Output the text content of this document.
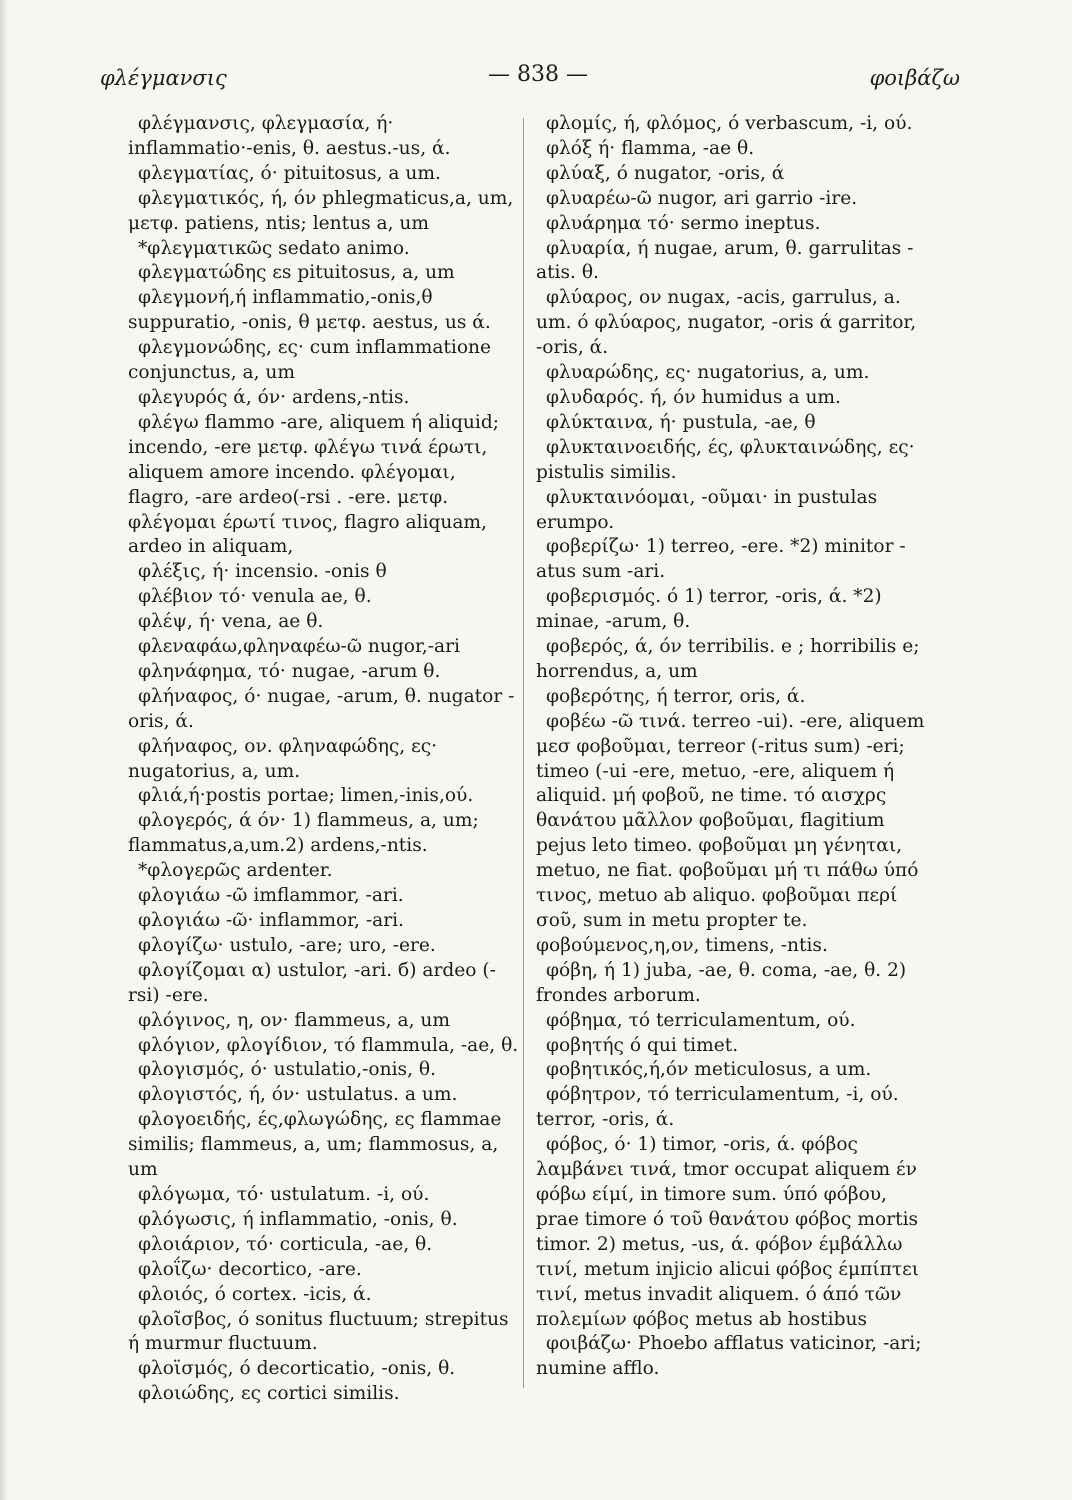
φλέγμανσις	— 838 —	φοιβάζω
φλέγμανσις, φλεγμασία, ή· inflammatio·-enis, θ. aestus.-us, ά.
φλεγματίας, ό· pituitosus, a um.
φλεγματικός, ή, όν phlegmaticus,a, um, μετφ. patiens, ntis; lentus a, um
*φλεγματικῶς sedato animo.
φλεγματώδης εs pituitosus, a, um
φλεγμονή,ή inflammatio,-onis,θ suppuratio, -onis, θ μετφ. aestus, us ά.
φλεγμονώδης, ες· cum inflammatione conjunctus, a, um
φλεγυρός ά, όν· ardens,-ntis.
φλέγω flammo -are, aliquem ή aliquid; incendo, -ere μετφ. φλέγω τινά έρωτι, aliquem amore incendo. φλέγομαι, flagro, -are ardeo(-rsi . -ere. μετφ. φλέγομαι έρωτί τινος, flagro aliquam, ardeo in aliquam,
φλέξις, ή· incensio. -onis θ
φλέβιον τό· venula ae, θ.
φλέψ, ή· vena, ae θ.
φλεναφάω,φληναφέω-ῶ nugor,-ari
φληνάφημα, τό· nugae, -arum θ.
φλήναφος, ό· nugae, -arum, θ. nugator -oris, ά.
φλήναφος, ον. φληναφώδης, ες· nugatorius, a, um.
φλιά,ή·postis portae; limen,-inis,ού.
φλογερός, ά όν· 1) flammeus, a, um; flammatus,a,um.2) ardens,-ntis.
*φλογερῶς ardenter.
φλογιάω -ῶ imflammor, -ari.
φλογιάω -ῶ· inflammor, -ari.
φλογίζω· ustulo, -are; uro, -ere.
φλογίζομαι α) ustulor, -ari. б) ardeo (-rsi) -ere.
φλόγινος, η, ον· flammeus, a, um
φλόγιον, φλογίδιον, τό flammula, -ae, θ.
φλογισμός, ό· ustulatio,-onis, θ.
φλογιστός, ή, όν· ustulatus. a um.
φλογοειδής, ές,φλωγώδης, ες flammae similis; flammeus, a, um; flammosus, a, um
φλόγωμα, τό· ustulatum. -i, ού.
φλόγωσις, ή inflammatio, -onis, θ.
φλοιάριον, τό· corticula, -ae, θ.
φλοΐζω· decortico, -are.
φλοιός, ό cortex. -icis, ά.
φλοῖσβος, ό sonitus fluctuum; strepitus ή murmur fluctuum.
φλοϊσμός, ό decorticatio, -onis, θ.
φλοιώδης, ες cortici similis.
φλομίς, ή, φλόμος, ό verbascum, -i, ού.
φλόξ ή· flamma, -ae θ.
φλύαξ, ό nugator, -oris, ά
φλυαρέω-ῶ nugor, ari garrio -ire.
φλυάρημα τό· sermo ineptus.
φλυαρία, ή nugae, arum, θ. garrulitas -atis. θ.
φλύαρος, ον nugax, -acis, garrulus, a. um. ό φλύαρος, nugator, -oris ά garritor, -oris, ά.
φλυαρώδης, ες· nugatorius, a, um.
φλυδαρός. ή, όν humidus a um.
φλύκταινα, ή· pustula, -ae, θ
φλυκταινοειδής, ές, φλυκταινώδης, ες· pistulis similis.
φλυκταινόομαι, -οῦμαι· in pustulas erumpo.
φοβερίζω· 1) terreo, -ere. *2) minitor -atus sum -ari.
φοβερισμός. ό 1) terror, -oris, ά. *2) minae, -arum, θ.
φοβερός, ά, όν terribilis. e ; horribilis e; horrendus, a, um
φοβερότης, ή terror, oris, ά.
φοβέω -ῶ τινά. terreo -ui). -ere, aliquem μεσ φοβοῦμαι, terreor (-ritus sum) -eri; timeo (-ui -ere, metuo, -ere, aliquem ή aliquid. μή φοβοῦ, ne time. τό αισχρς θανάτου μᾶλλον φοβοῦμαι, flagitium pejus leto timeo. φοβοῦμαι μη γένηται, metuo, ne fiat. φοβοῦμαι μή τι πάθω ύπό τινος, metuo ab aliquo. φοβοῦμαι περί σοῦ, sum in metu propter te. φοβούμενος,η,ον, timens, -ntis.
φόβη, ή 1) juba, -ae, θ. coma, -ae, θ. 2) frondes arborum.
φόβημα, τό terriculamentum, ού.
φοβητής ό qui timet.
φοβητικός,ή,όν meticulosus, a um.
φόβητρον, τό terriculamentum, -i, ού. terror, -oris, ά.
φόβος, ό· 1) timor, -oris, ά. φόβος λαμβάνει τινά, tmor occupat aliquem έν φόβω είμί, in timore sum. ύπό φόβου, prae timore ό τοῦ θανάτου φόβος mortis timor. 2) metus, -us, ά. φόβον έμβάλλω τινί, metum injicio alicui φόβος έμπίπτει τινί, metus invadit aliquem. ό άπό τῶν πολεμίων φόβος metus ab hostibus
φοιβάζω· Phoebo afflatus vaticinor, -ari; numine afflo.
